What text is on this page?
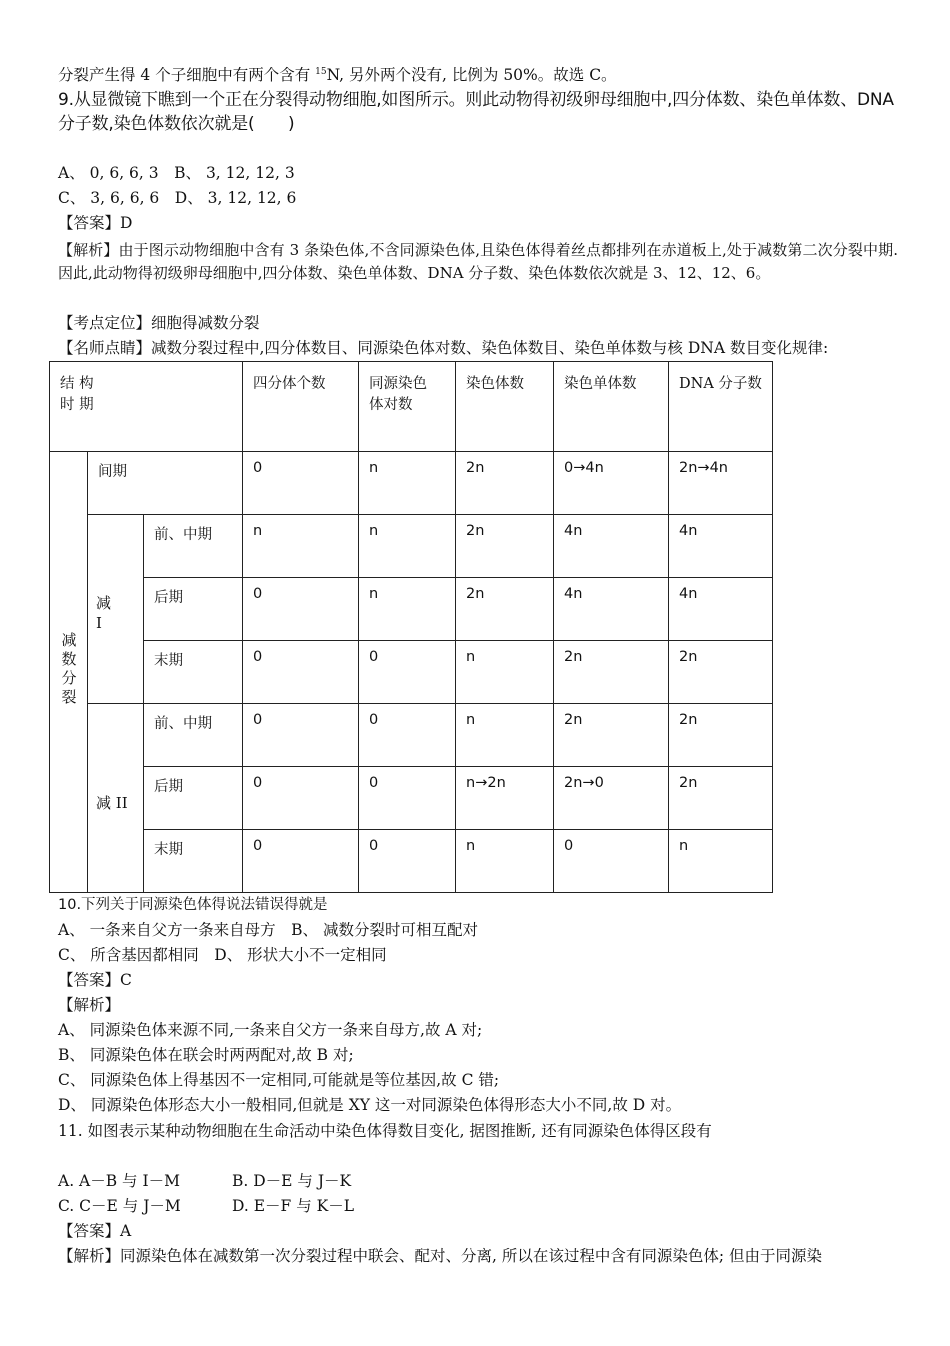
分裂产生得 4 个子细胞中有两个含有 $^{15}$N, 另外两个没有, 比例为 50%。故选 C。
9.从显微镜下瞧到一个正在分裂得动物细胞,如图所示。则此动物得初级卵母细胞中,四分体数、染色单体数、DNA 分子数,染色体数依次就是(　　)
A、 0, 6, 6, 3　B、 3, 12, 12, 3
C、 3, 6, 6, 6　D、 3, 12, 12, 6
【答案】D
【解析】由于图示动物细胞中含有 3 条染色体,不含同源染色体,且染色体得着丝点都排列在赤道板上,处于减数第二次分裂中期.因此,此动物得初级卵母细胞中,四分体数、染色单体数、DNA 分子数、染色体数依次就是 3、12、12、6。
【考点定位】细胞得减数分裂
【名师点睛】减数分裂过程中,四分体数目、同源染色体对数、染色体数目、染色单体数与核 DNA 数目变化规律:
结 构
时 期			四分体个数	同源染色体对数	染色体数	染色单体数	DNA 分子数
减数分裂	间期		0	n	2n	0→4n	2n→4n

	减 I	前、中期	n	n	2n	4n	4n
		后期	0	n	2n	4n	4n
		末期	0	0	n	2n	2n
	减 II	前、中期	0	0	n	2n	2n
		后期	0	0	n→2n	2n→0	2n
		末期	0	0	n	0	n
10.下列关于同源染色体得说法错误得就是
A、 一条来自父方一条来自母方　B、 减数分裂时可相互配对
C、 所含基因都相同　D、 形状大小不一定相同
【答案】C
【解析】
A、 同源染色体来源不同,一条来自父方一条来自母方,故 A 对;
B、 同源染色体在联会时两两配对,故 B 对;
C、 同源染色体上得基因不一定相同,可能就是等位基因,故 C 错;
D、 同源染色体形态大小一般相同,但就是 XY 这一对同源染色体得形态大小不同,故 D 对。
11. 如图表示某种动物细胞在生命活动中染色体得数目变化, 据图推断, 还有同源染色体得区段有
A. A－B 与 I－M	B. D－E 与 J－K
C. C－E 与 J－M	D. E－F 与 K－L
【答案】A
【解析】同源染色体在减数第一次分裂过程中联会、配对、分离, 所以在该过程中含有同源染色体; 但由于同源染
